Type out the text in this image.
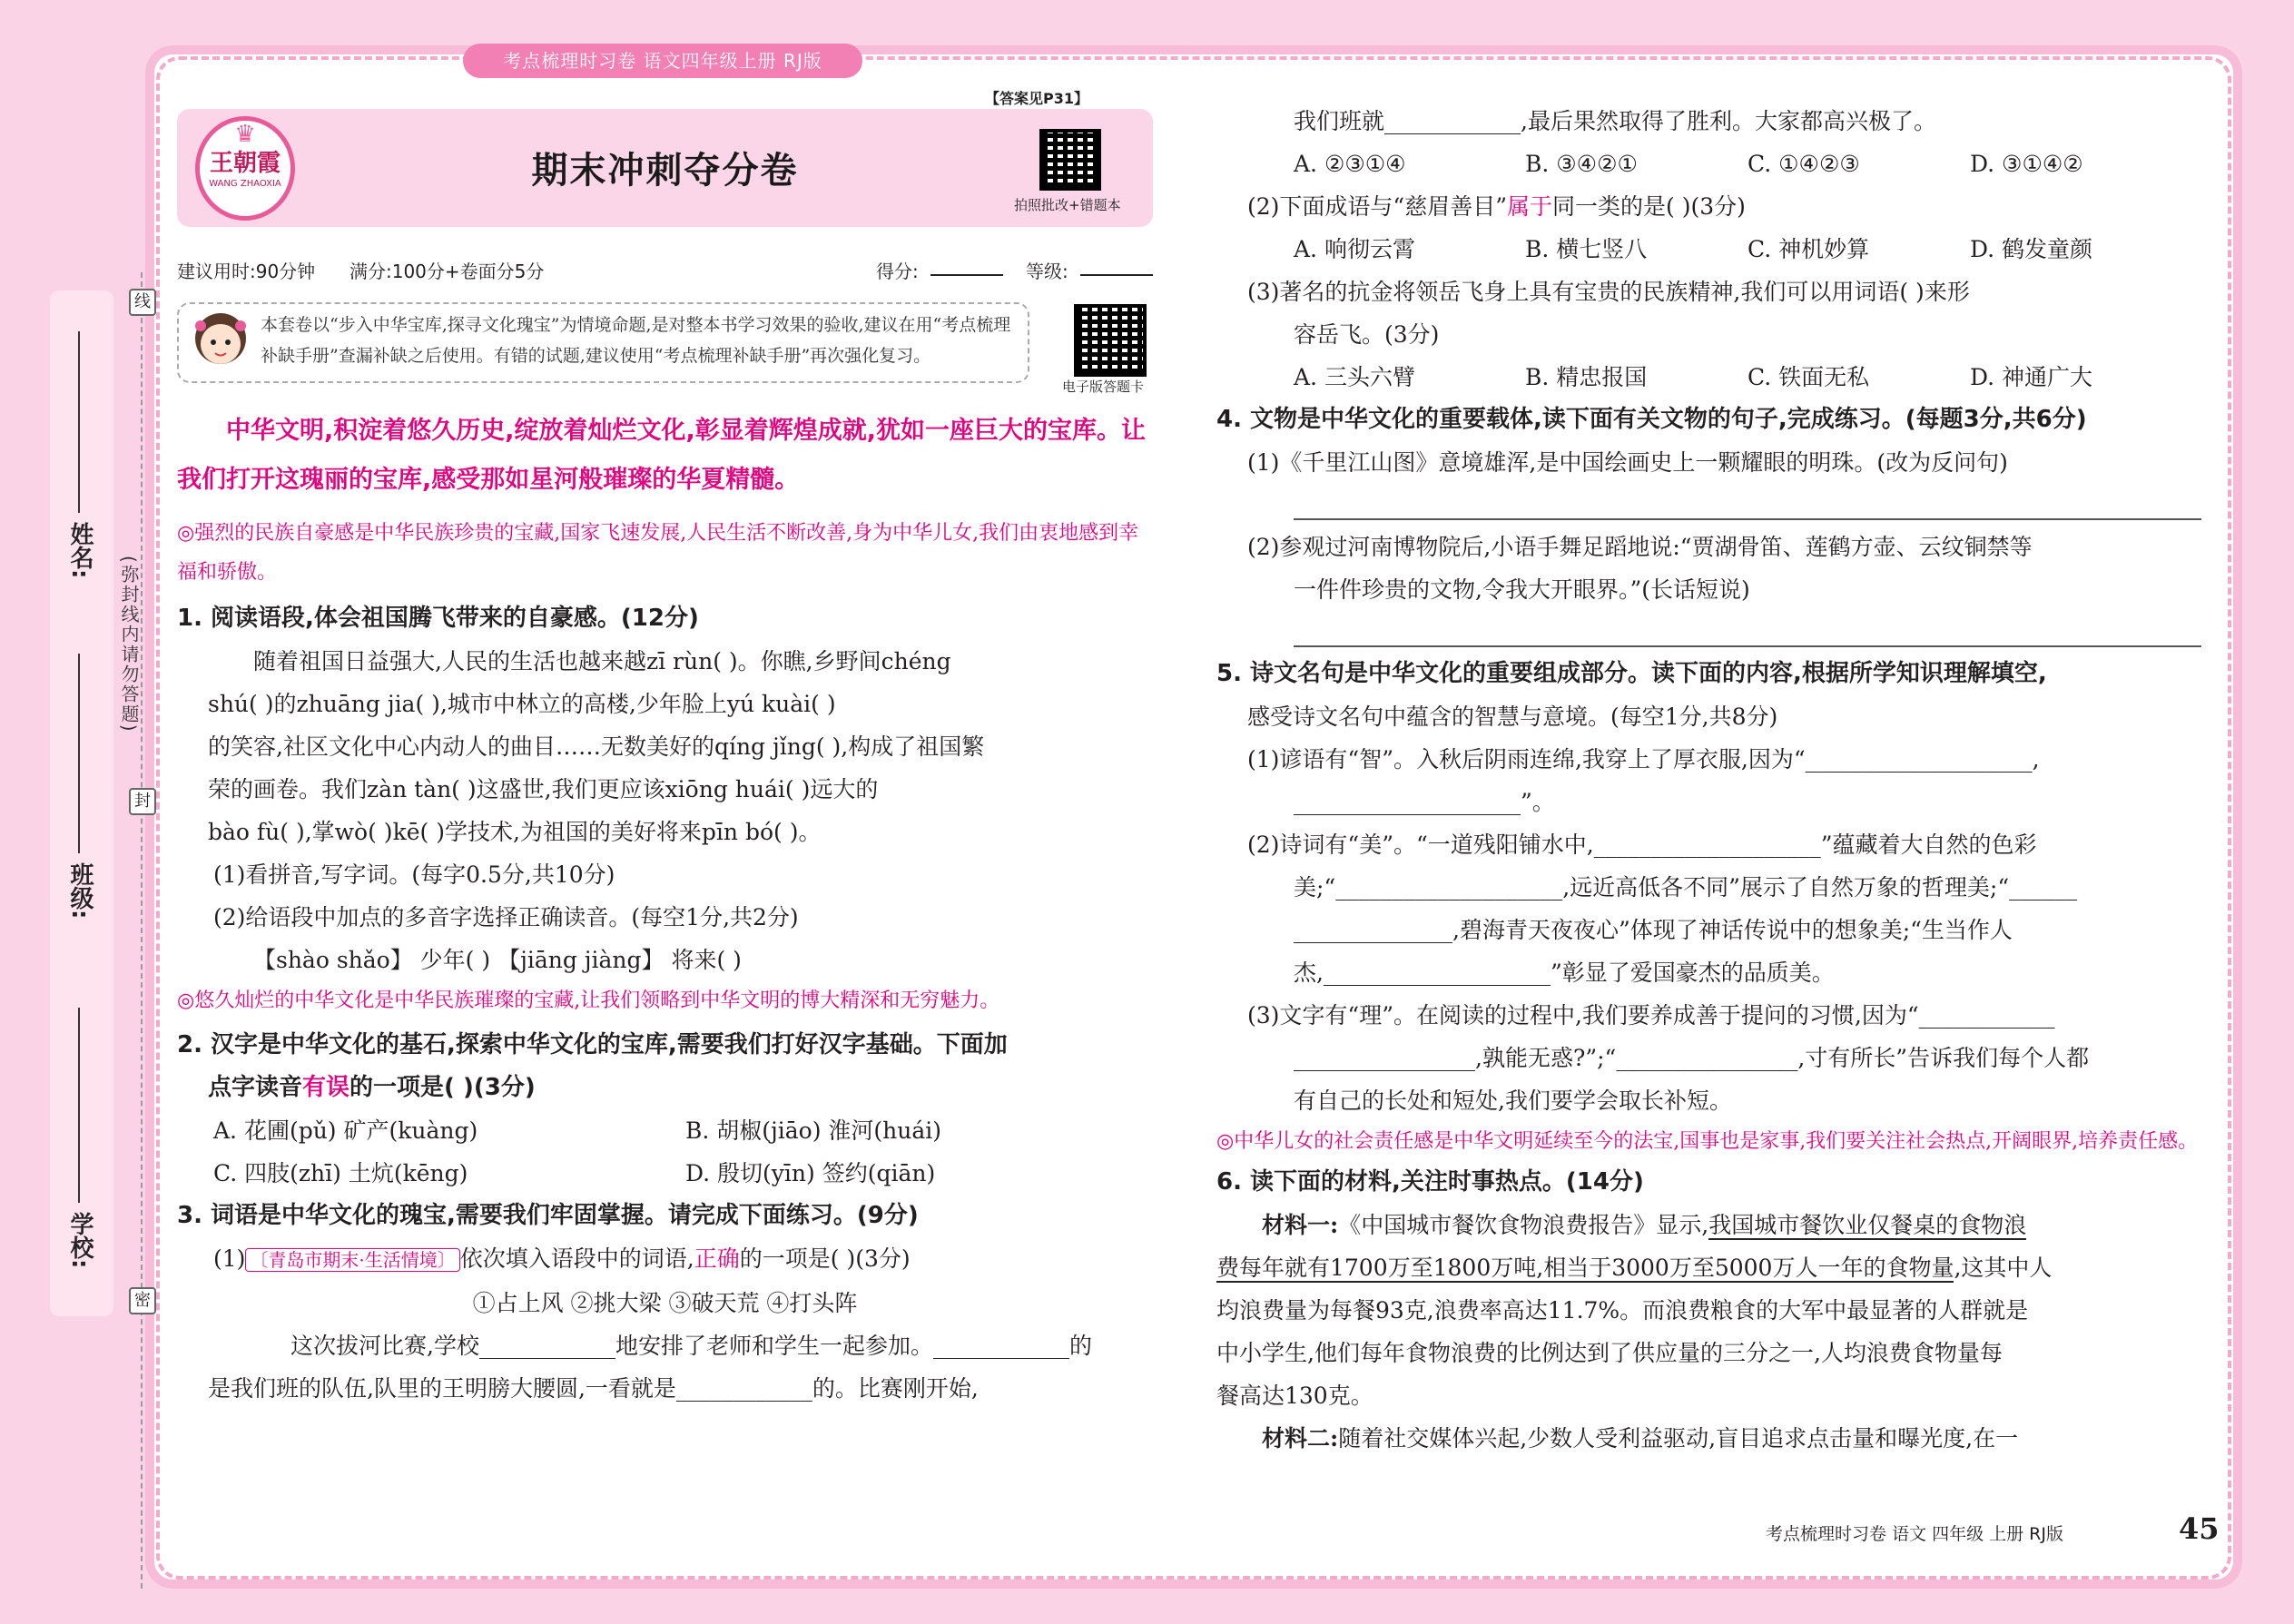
姓名:
班级:
学校:
线
封
密
(弥封线内请勿答题)
考点梳理时习卷 语文四年级上册 RJ版
♛
王朝霞
WANG ZHAOXIA	期末冲刺夺分卷
拍照批改+错题本
【答案见P31】
建议用时:90分钟 满分:100分+卷面分5分	得分:	等级:
本套卷以“步入中华宝库,探寻文化瑰宝”为情境命题,是对整本书学习效果的验收,建议在用“考点梳理补缺手册”查漏补缺之后使用。有错的试题,建议使用“考点梳理补缺手册”再次强化复习。
电子版答题卡
中华文明,积淀着悠久历史,绽放着灿烂文化,彰显着辉煌成就,犹如一座巨大的宝库。让我们打开这瑰丽的宝库,感受那如星河般璀璨的华夏精髓。
◎强烈的民族自豪感是中华民族珍贵的宝藏,国家飞速发展,人民生活不断改善,身为中华儿女,我们由衷地感到幸福和骄傲。
1. 阅读语段,体会祖国腾飞带来的自豪感。(12分)
随着祖国日益强大,人民的生活也越来越zī rùn( )。你瞧,乡野间chéng
shú( )的zhuāng jia( ),城市中林立的高楼,少年脸上yú kuài( )
的笑容,社区文化中心内动人的曲目……无数美好的qíng jǐng( ),构成了祖国繁
荣的画卷。我们zàn tàn( )这盛世,我们更应该xiōng huái( )远大的
bào fù( ),掌wò( )kē( )学技术,为祖国的美好将来pīn bó( )。
(1)看拼音,写字词。(每字0.5分,共10分)
(2)给语段中加点的多音字选择正确读音。(每空1分,共2分)
【shào shǎo】 少年( ) 【jiāng jiàng】 将来( )
◎悠久灿烂的中华文化是中华民族璀璨的宝藏,让我们领略到中华文明的博大精深和无穷魅力。
2. 汉字是中华文化的基石,探索中华文化的宝库,需要我们打好汉字基础。下面加
点字读音有误的一项是( )(3分)
A. 花圃(pǔ) 矿产(kuàng)	B. 胡椒(jiāo) 淮河(huái)
C. 四肢(zhī) 土炕(kēng)	D. 殷切(yīn) 签约(qiān)
3. 词语是中华文化的瑰宝,需要我们牢固掌握。请完成下面练习。(9分)
(1) 〔青岛市期末·生活情境〕 依次填入语段中的词语,正确的一项是( )(3分)
①占上风 ②挑大梁 ③破天荒 ④打头阵
这次拔河比赛,学校____________地安排了老师和学生一起参加。____________的
是我们班的队伍,队里的王明膀大腰圆,一看就是____________的。比赛刚开始,
我们班就____________,最后果然取得了胜利。大家都高兴极了。
A. ②③①④	B. ③④②①	C. ①④②③	D. ③①④②
(2)下面成语与“慈眉善目”属于同一类的是( )(3分)
A. 响彻云霄	B. 横七竖八	C. 神机妙算	D. 鹤发童颜
(3)著名的抗金将领岳飞身上具有宝贵的民族精神,我们可以用词语( )来形
容岳飞。(3分)
A. 三头六臂	B. 精忠报国	C. 铁面无私	D. 神通广大
4. 文物是中华文化的重要载体,读下面有关文物的句子,完成练习。(每题3分,共6分)
(1)《千里江山图》意境雄浑,是中国绘画史上一颗耀眼的明珠。(改为反问句)
(2)参观过河南博物院后,小语手舞足蹈地说:“贾湖骨笛、莲鹤方壶、云纹铜禁等
一件件珍贵的文物,令我大开眼界。”(长话短说)
5. 诗文名句是中华文化的重要组成部分。读下面的内容,根据所学知识理解填空,
感受诗文名句中蕴含的智慧与意境。(每空1分,共8分)
(1)谚语有“智”。入秋后阴雨连绵,我穿上了厚衣服,因为“____________________,
____________________”。
(2)诗词有“美”。“一道残阳铺水中,____________________”蕴藏着大自然的色彩
美;“____________________,远近高低各不同”展示了自然万象的哲理美;“______
______________,碧海青天夜夜心”体现了神话传说中的想象美;“生当作人
杰,____________________”彰显了爱国豪杰的品质美。
(3)文字有“理”。在阅读的过程中,我们要养成善于提问的习惯,因为“____________
________________,孰能无惑?”;“________________,寸有所长”告诉我们每个人都
有自己的长处和短处,我们要学会取长补短。
◎中华儿女的社会责任感是中华文明延续至今的法宝,国事也是家事,我们要关注社会热点,开阔眼界,培养责任感。
6. 读下面的材料,关注时事热点。(14分)
材料一:《中国城市餐饮食物浪费报告》显示,我国城市餐饮业仅餐桌的食物浪
费每年就有1700万至1800万吨,相当于3000万至5000万人一年的食物量,这其中人
均浪费量为每餐93克,浪费率高达11.7%。而浪费粮食的大军中最显著的人群就是
中小学生,他们每年食物浪费的比例达到了供应量的三分之一,人均浪费食物量每
餐高达130克。
材料二:随着社交媒体兴起,少数人受利益驱动,盲目追求点击量和曝光度,在一
考点梳理时习卷 语文 四年级 上册 RJ版	45
